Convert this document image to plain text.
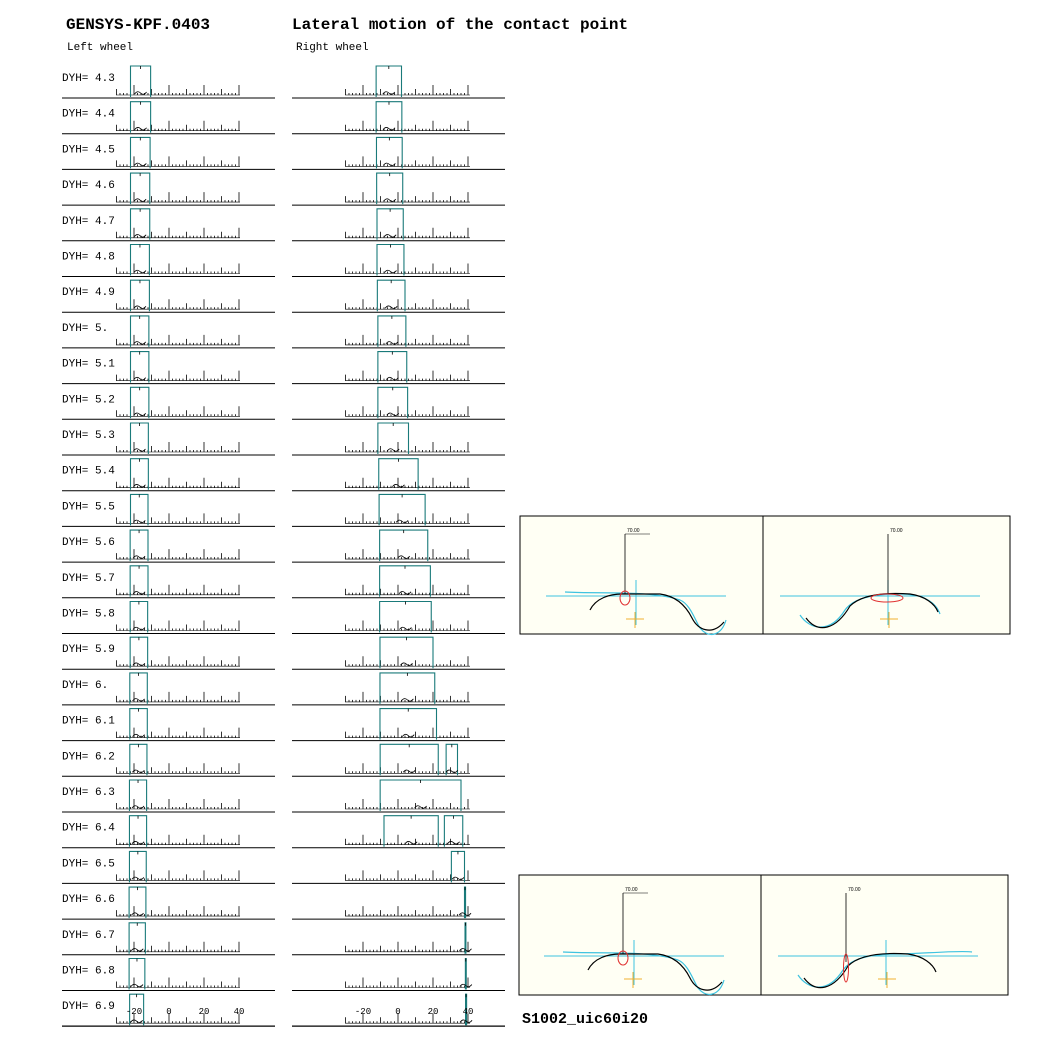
GENSYS-KPF.0403	Lateral motion of the contact point
Left wheel	Right wheel
S1002_uic60i20
DYH= 4.3
DYH= 4.4
DYH= 4.5
DYH= 4.6
DYH= 4.7
DYH= 4.8
DYH= 4.9
DYH= 5.
DYH= 5.1
DYH= 5.2
DYH= 5.3
DYH= 5.4
DYH= 5.5
DYH= 5.6
DYH= 5.7
DYH= 5.8
DYH= 5.9
DYH= 6.
DYH= 6.1
DYH= 6.2
DYH= 6.3
DYH= 6.4
DYH= 6.5
DYH= 6.6
DYH= 6.7
DYH= 6.8
DYH= 6.9 -20	0	20	40	-20	0	20	40
70.00	70.00
70.00	70.00
